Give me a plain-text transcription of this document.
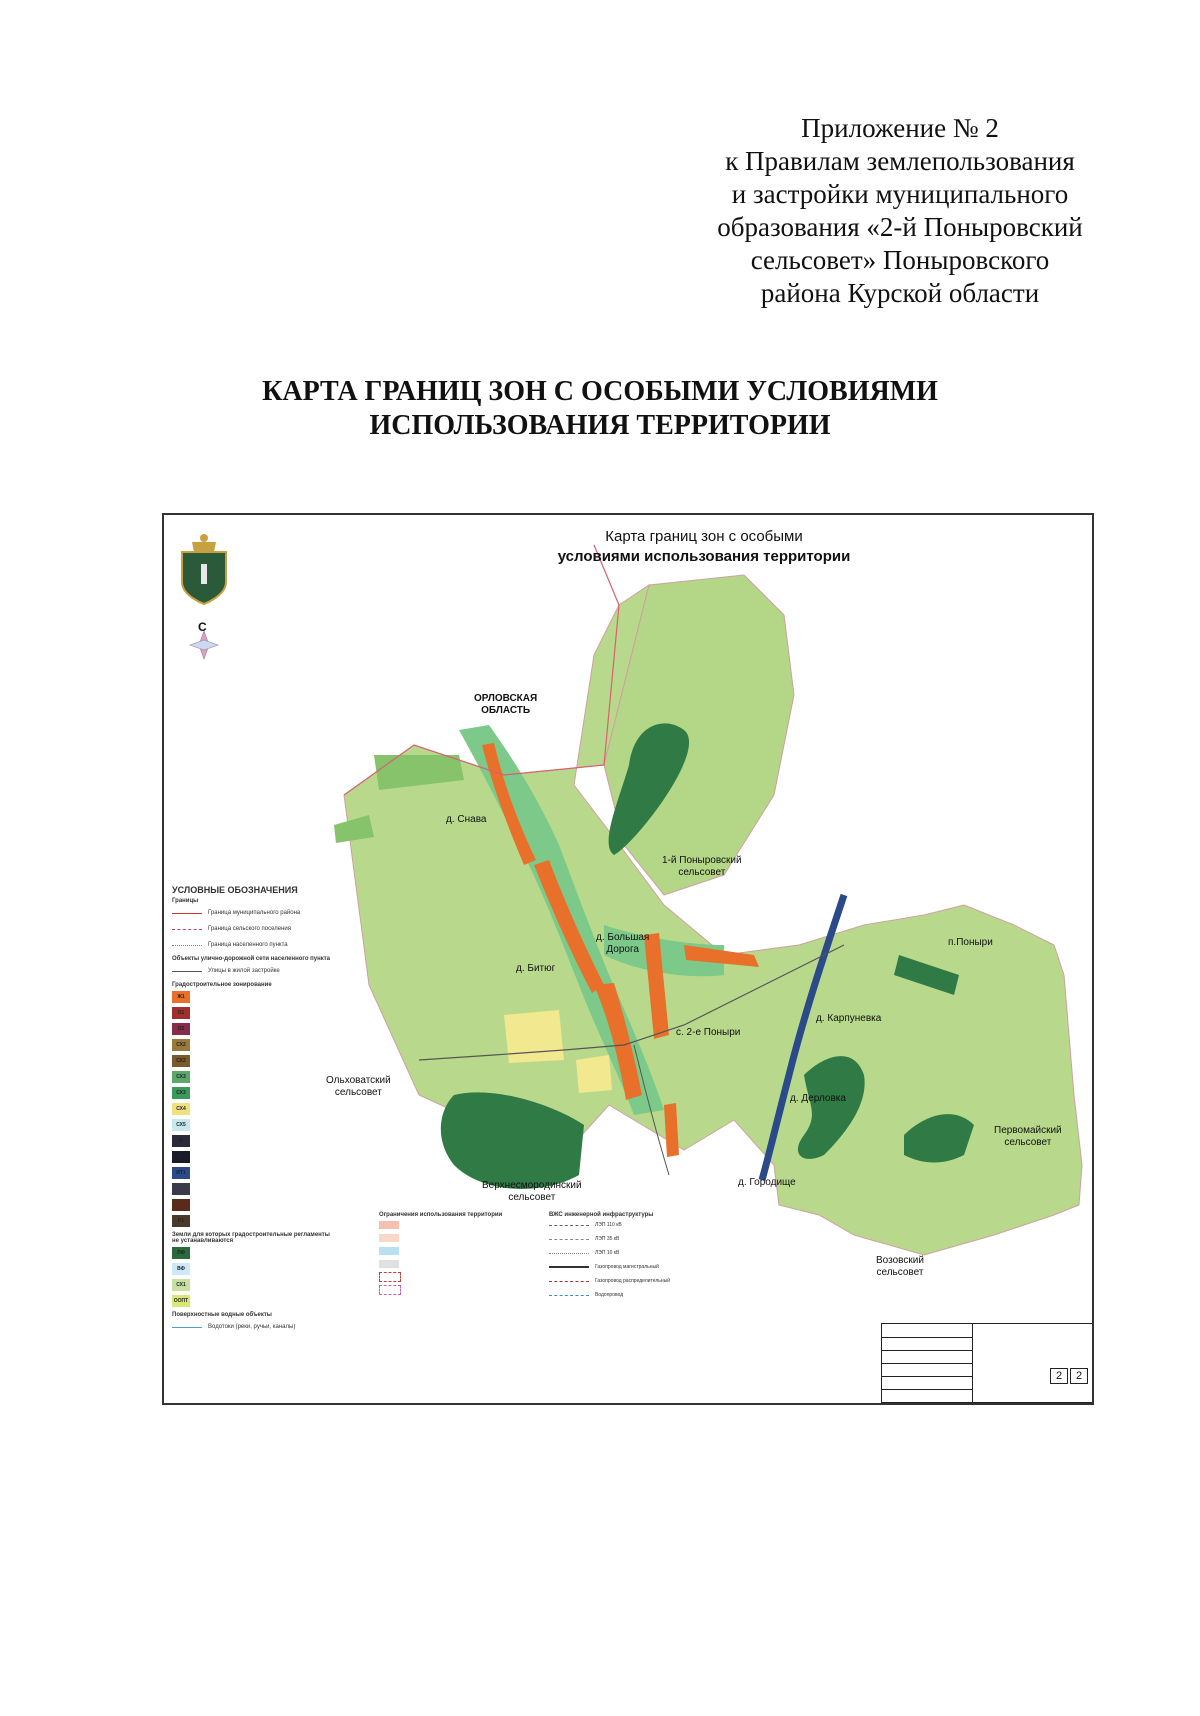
Приложение № 2
к Правилам землепользования
и застройки муниципального
образования «2-й Поныровский
сельсовет» Поныровского
района Курской области
КАРТА ГРАНИЦ ЗОН С ОСОБЫМИ УСЛОВИЯМИ
ИСПОЛЬЗОВАНИЯ ТЕРРИТОРИИ
Карта границ зон с особыми
условиями использования территории
С
ОРЛОВСКАЯ
ОБЛАСТЬ
1-й Поныровский
сельсовет
Ольховатский
сельсовет
Верхнесмородинский
сельсовет
Первомайский
сельсовет
Возовский
сельсовет
д. Снава
д. Большая
Дорога
д. Битюг
с. 2-е Поныри
д. Карпуневка
д. Дерловка
д. Городище
п.Поныри
УСЛОВНЫЕ ОБОЗНАЧЕНИЯ
Границы
Граница муниципального района
Граница сельского поселения
Граница населенного пункта
Объекты улично-дорожной сети населенного пункта
Улицы в жилой застройке
Градостроительное зонирование
Ж1
О1
О2
СХ2
СХ2
СХ3
СХ3
СХ4
СХ5
И
Т1
ИТ1
Р1
Земли для которых градостроительные регламенты не устанавливаются
ЛФ
ВФ
СХ1
ООПТ
Поверхностные водные объекты
Водотоки (реки, ручьи, каналы)
Ограничения использования территории	ВЖС инженерной инфраструктуры
ЛЭП 110 кВ
ЛЭП 35 кВ
ЛЭП 10 кВ
Газопровод магистральный
Газопровод распределительный
Водопровод
2	2
